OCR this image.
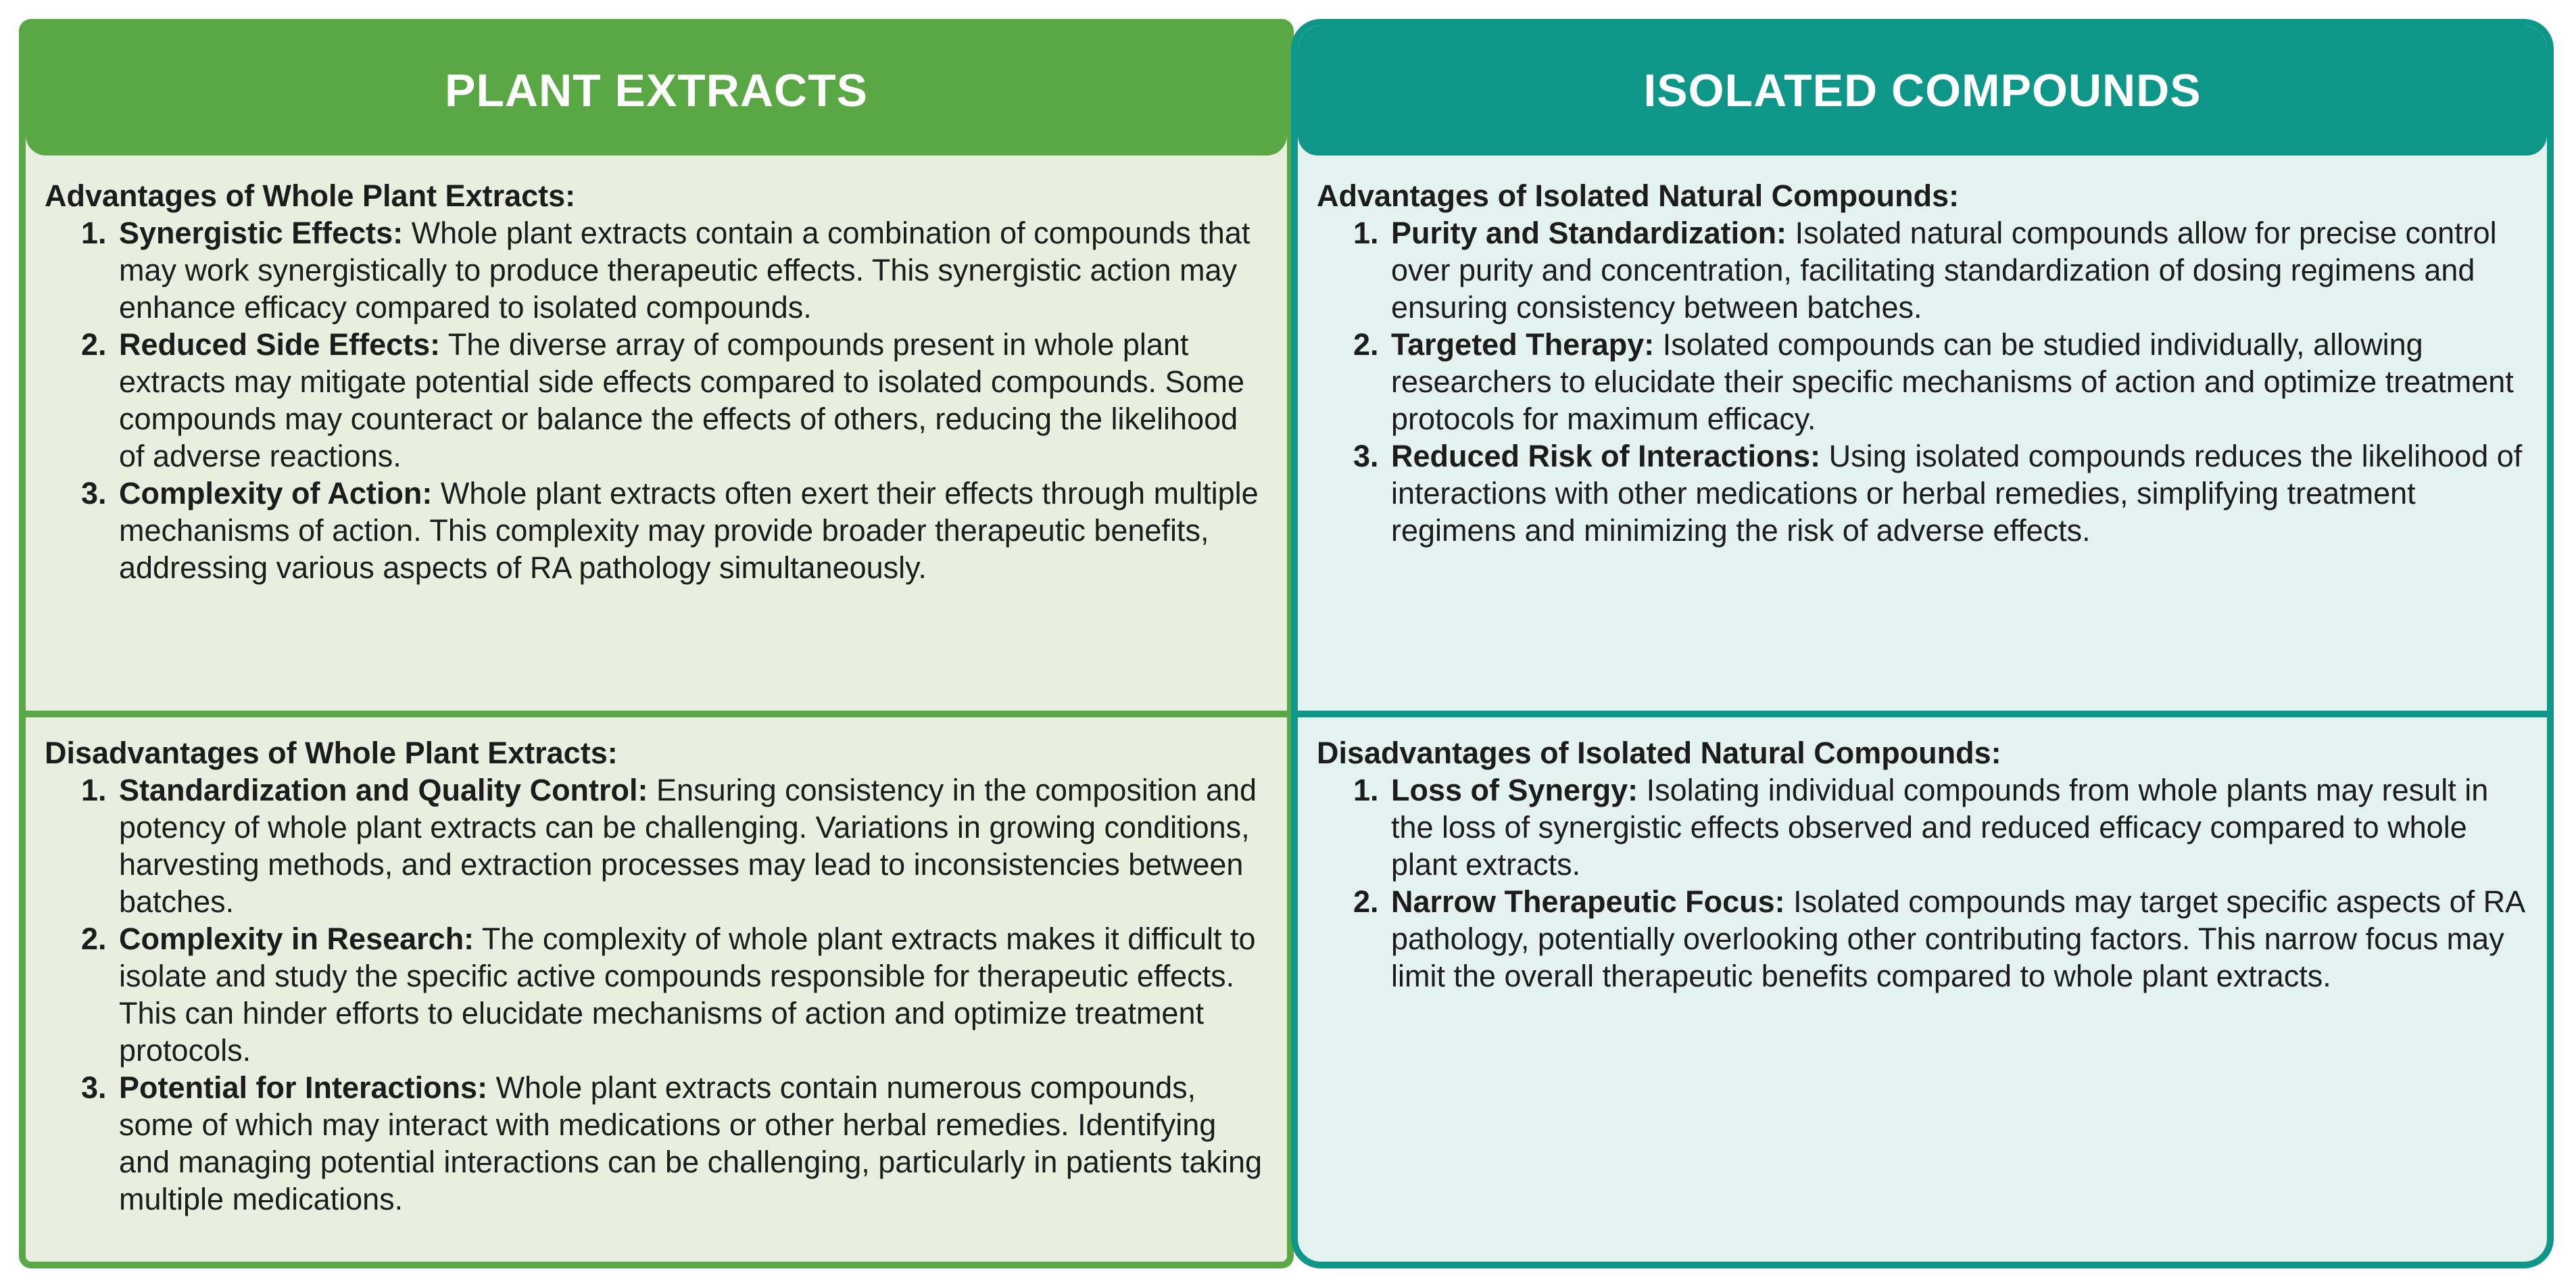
PLANT EXTRACTS

Advantages of Whole Plant Extracts:

1. Synergistic Effects: Whole plant extracts contain a combination of compounds that may work synergistically to produce therapeutic effects. This synergistic action may enhance efficacy compared to isolated compounds.
2. Reduced Side Effects: The diverse array of compounds present in whole plant extracts may mitigate potential side effects compared to isolated compounds. Some compounds may counteract or balance the effects of others, reducing the likelihood of adverse reactions.
3. Complexity of Action: Whole plant extracts often exert their effects through multiple mechanisms of action. This complexity may provide broader therapeutic benefits, addressing various aspects of RA pathology simultaneously.

Disadvantages of Whole Plant Extracts:

1. Standardization and Quality Control: Ensuring consistency in the composition and potency of whole plant extracts can be challenging. Variations in growing conditions, harvesting methods, and extraction processes may lead to inconsistencies between batches.
2. Complexity in Research: The complexity of whole plant extracts makes it difficult to isolate and study the specific active compounds responsible for therapeutic effects. This can hinder efforts to elucidate mechanisms of action and optimize treatment protocols.
3. Potential for Interactions: Whole plant extracts contain numerous compounds, some of which may interact with medications or other herbal remedies. Identifying and managing potential interactions can be challenging, particularly in patients taking multiple medications.
ISOLATED COMPOUNDS

Advantages of Isolated Natural Compounds:

1. Purity and Standardization: Isolated natural compounds allow for precise control over purity and concentration, facilitating standardization of dosing regimens and ensuring consistency between batches.
2. Targeted Therapy: Isolated compounds can be studied individually, allowing researchers to elucidate their specific mechanisms of action and optimize treatment protocols for maximum efficacy.
3. Reduced Risk of Interactions: Using isolated compounds reduces the likelihood of interactions with other medications or herbal remedies, simplifying treatment regimens and minimizing the risk of adverse effects.

Disadvantages of Isolated Natural Compounds:

1. Loss of Synergy: Isolating individual compounds from whole plants may result in the loss of synergistic effects observed and reduced efficacy compared to whole plant extracts.
2. Narrow Therapeutic Focus: Isolated compounds may target specific aspects of RA pathology, potentially overlooking other contributing factors. This narrow focus may limit the overall therapeutic benefits compared to whole plant extracts.
